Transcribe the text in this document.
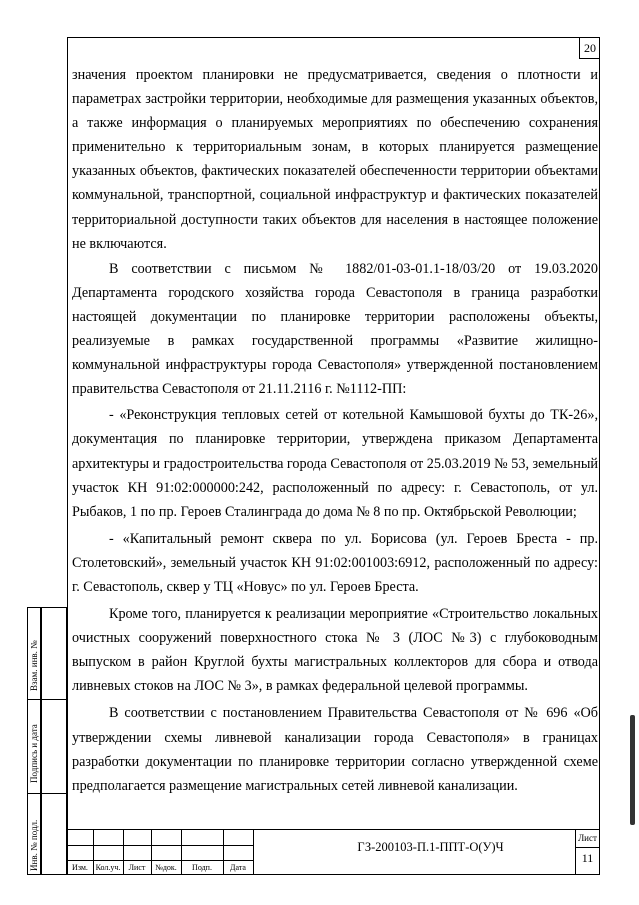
20

значения проектом планировки не предусматривается, сведения о плотности и параметрах застройки территории, необходимые для размещения указанных объектов, а также информация о планируемых мероприятиях по обеспечению сохранения применительно к территориальным зонам, в которых планируется размещение указанных объектов, фактических показателей обеспеченности территории объектами коммунальной, транспортной, социальной инфраструктур и фактических показателей территориальной доступности таких объектов для населения в настоящее положение не включаются.

В соответствии с письмом № 1882/01-03-01.1-18/03/20 от 19.03.2020 Департамента городского хозяйства города Севастополя в граница разработки настоящей документации по планировке территории расположены объекты, реализуемые в рамках государственной программы «Развитие жилищно-коммунальной инфраструктуры города Севастополя» утвержденной постановлением правительства Севастополя от 21.11.2116 г. №1112-ПП:

- «Реконструкция тепловых сетей от котельной Камышовой бухты до ТК-26», документация по планировке территории, утверждена приказом Департамента архитектуры и градостроительства города Севастополя от 25.03.2019 № 53, земельный участок КН 91:02:000000:242, расположенный по адресу: г. Севастополь, от ул. Рыбаков, 1 по пр. Героев Сталинграда до дома № 8 по пр. Октябрьской Революции;

- «Капитальный ремонт сквера по ул. Борисова (ул. Героев Бреста - пр. Столетовский», земельный участок КН 91:02:001003:6912, расположенный по адресу: г. Севастополь, сквер у ТЦ «Новус» по ул. Героев Бреста.

Кроме того, планируется к реализации мероприятие «Строительство локальных очистных сооружений поверхностного стока № 3 (ЛОС №3) с глубоководным выпуском в район Круглой бухты магистральных коллекторов для сбора и отвода ливневых стоков на ЛОС № 3», в рамках федеральной целевой программы.

В соответствии с постановлением Правительства Севастополя от № 696 «Об утверждении схемы ливневой канализации города Севастополя» в границах разработки документации по планировке территории согласно утвержденной схеме предполагается размещение магистральных сетей ливневой канализации.

Взам. инв. №
Подпись и дата
Инв. № подл.	Изм. Кол.уч.	Лист	№док.	Подп.	Дата
ГЗ-200103-П.1-ППТ-О(У)Ч
Лист
11
